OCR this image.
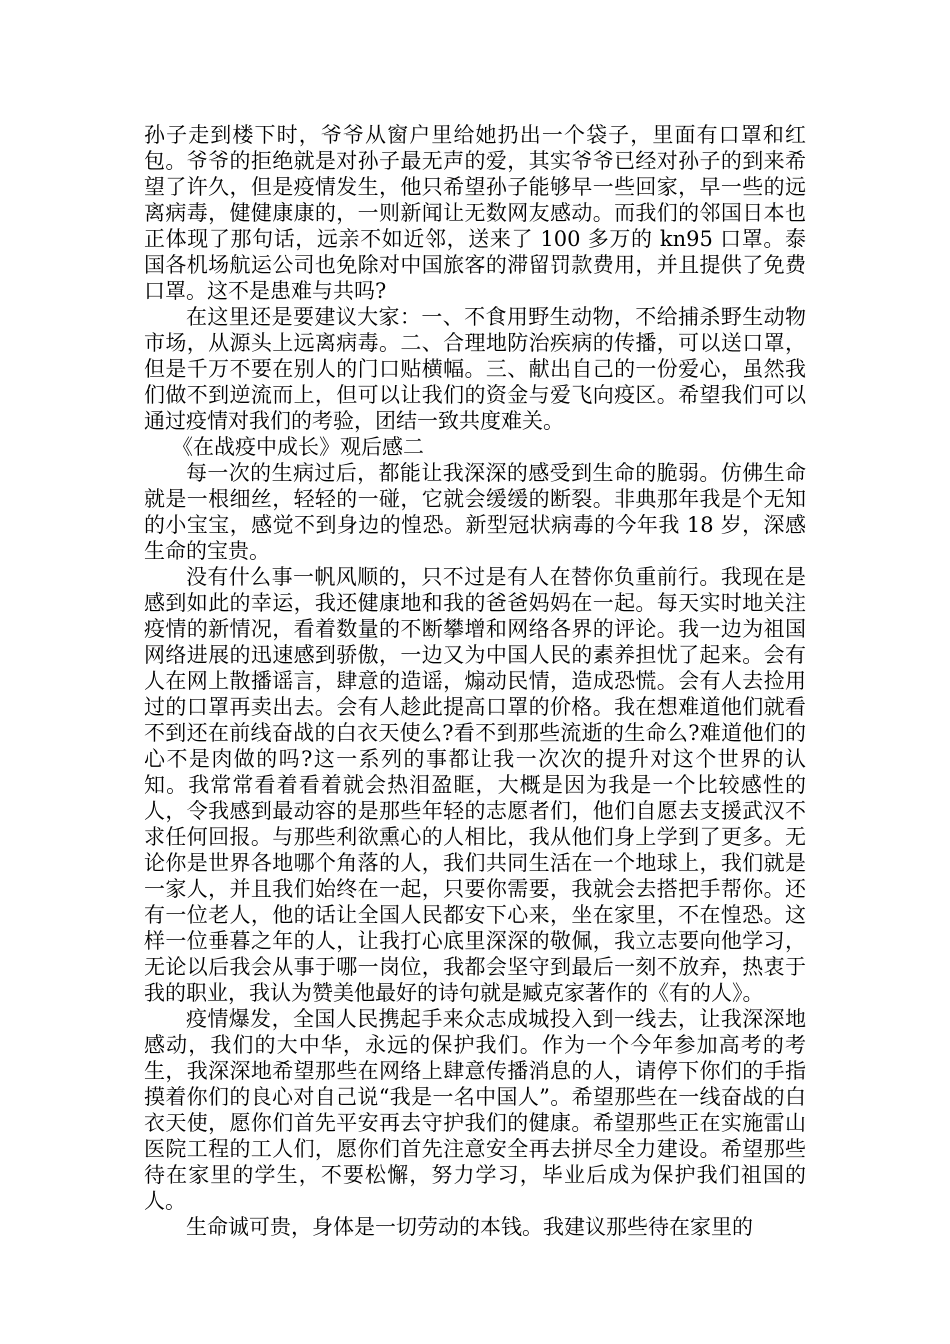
孙子走到楼下时，爷爷从窗户里给她扔出一个袋子，里面有口罩和红包。爷爷的拒绝就是对孙子最无声的爱，其实爷爷已经对孙子的到来希望了许久，但是疫情发生，他只希望孙子能够早一些回家，早一些的远离病毒，健健康康的，一则新闻让无数网友感动。而我们的邻国日本也正体现了那句话，远亲不如近邻，送来了 100 多万的 kn95 口罩。泰国各机场航运公司也免除对中国旅客的滞留罚款费用，并且提供了免费口罩。这不是患难与共吗?

在这里还是要建议大家：一、不食用野生动物，不给捕杀野生动物市场，从源头上远离病毒。二、合理地防治疾病的传播，可以送口罩，但是千万不要在别人的门口贴横幅。三、献出自己的一份爱心，虽然我们做不到逆流而上，但可以让我们的资金与爱飞向疫区。希望我们可以通过疫情对我们的考验，团结一致共度难关。

《在战疫中成长》观后感二

每一次的生病过后，都能让我深深的感受到生命的脆弱。仿佛生命就是一根细丝，轻轻的一碰，它就会缓缓的断裂。非典那年我是个无知的小宝宝，感觉不到身边的惶恐。新型冠状病毒的今年我 18 岁，深感生命的宝贵。

没有什么事一帆风顺的，只不过是有人在替你负重前行。我现在是感到如此的幸运，我还健康地和我的爸爸妈妈在一起。每天实时地关注疫情的新情况，看着数量的不断攀增和网络各界的评论。我一边为祖国网络进展的迅速感到骄傲，一边又为中国人民的素养担忧了起来。会有人在网上散播谣言，肆意的造谣，煽动民情，造成恐慌。会有人去捡用过的口罩再卖出去。会有人趁此提高口罩的价格。我在想难道他们就看不到还在前线奋战的白衣天使么?看不到那些流逝的生命么?难道他们的心不是肉做的吗?这一系列的事都让我一次次的提升对这个世界的认知。我常常看着看着就会热泪盈眶，大概是因为我是一个比较感性的人，令我感到最动容的是那些年轻的志愿者们，他们自愿去支援武汉不求任何回报。与那些利欲熏心的人相比，我从他们身上学到了更多。无论你是世界各地哪个角落的人，我们共同生活在一个地球上，我们就是一家人，并且我们始终在一起，只要你需要，我就会去搭把手帮你。还有一位老人，他的话让全国人民都安下心来，坐在家里，不在惶恐。这样一位垂暮之年的人，让我打心底里深深的敬佩，我立志要向他学习，无论以后我会从事于哪一岗位，我都会坚守到最后一刻不放弃，热衷于我的职业，我认为赞美他最好的诗句就是臧克家著作的《有的人》。

疫情爆发，全国人民携起手来众志成城投入到一线去，让我深深地感动，我们的大中华，永远的保护我们。作为一个今年参加高考的考生，我深深地希望那些在网络上肆意传播消息的人，请停下你们的手指摸着你们的良心对自己说“我是一名中国人”。希望那些在一线奋战的白衣天使，愿你们首先平安再去守护我们的健康。希望那些正在实施雷山医院工程的工人们，愿你们首先注意安全再去拼尽全力建设。希望那些待在家里的学生，不要松懈，努力学习，毕业后成为保护我们祖国的人。

生命诚可贵，身体是一切劳动的本钱。我建议那些待在家里的
